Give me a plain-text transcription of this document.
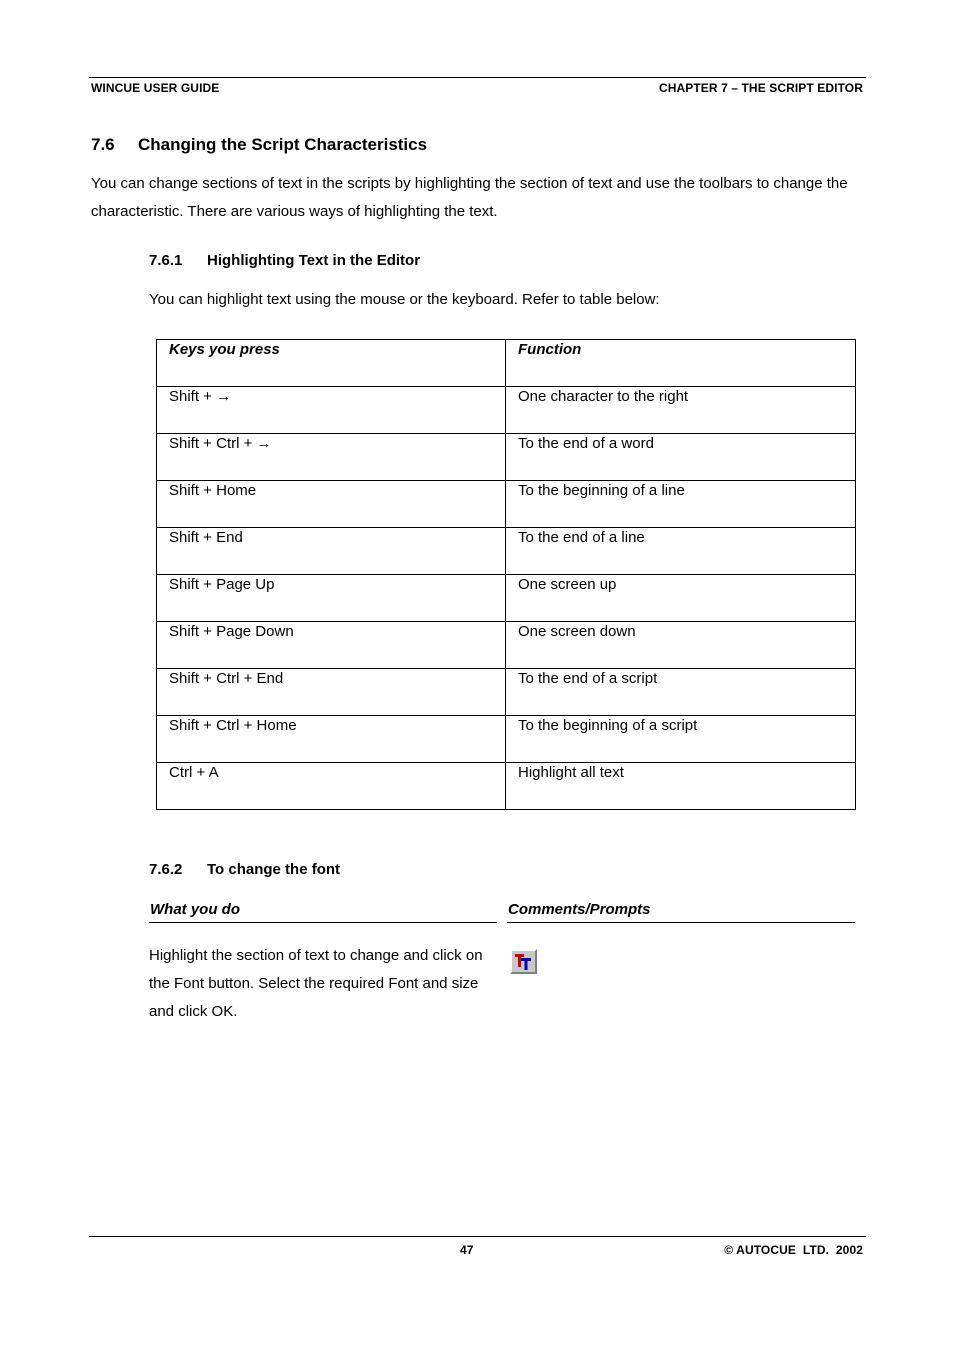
WINCUE USER GUIDE	CHAPTER 7 – THE SCRIPT EDITOR
7.6 Changing the Script Characteristics
You can change sections of text in the scripts by highlighting the section of text and use the toolbars to change the
characteristic. There are various ways of highlighting the text.
7.6.1 Highlighting Text in the Editor
You can highlight text using the mouse or the keyboard. Refer to table below:
Keys you press	Function

Shift + →	One character to the right

Shift + Ctrl + →	To the end of a word

Shift + Home	To the beginning of a line

Shift + End	To the end of a line

Shift + Page Up	One screen up

Shift + Page Down	One screen down

Shift + Ctrl + End	To the end of a script

Shift + Ctrl + Home	To the beginning of a script

Ctrl + A	Highlight all text
7.6.2 To change the font
What you do	Comments/Prompts
Highlight the section of text to change and click on
the Font button. Select the required Font and size
and click OK.
47	© AUTOCUE  LTD.  2002
